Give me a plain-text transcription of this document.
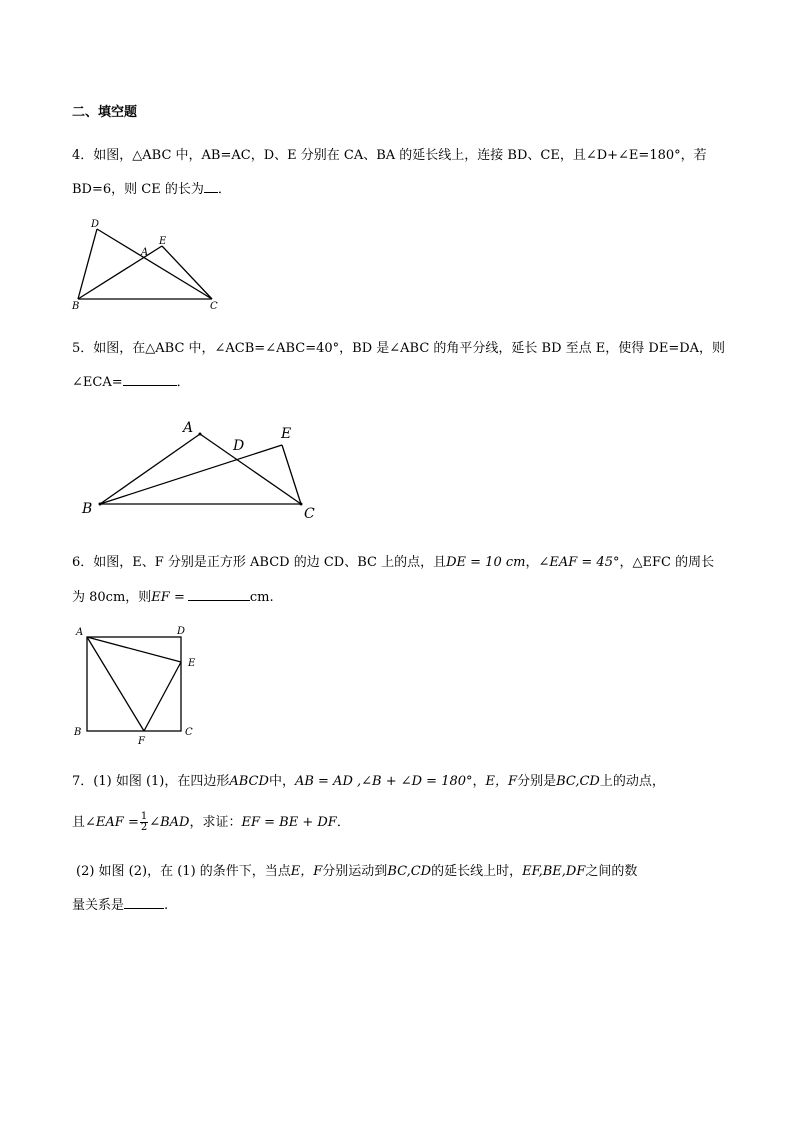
二、填空题
4．如图，△ABC 中，AB=AC，D、E 分别在 CA、BA 的延长线上，连接 BD、CE，且∠D+∠E=180°，若
BD=6，则 CE 的长为 ．
D
A
E
B	C
5．如图，在△ABC 中，∠ACB=∠ABC=40°，BD 是∠ABC 的角平分线，延长 BD 至点 E，使得 DE=DA，则
∠ECA=	．
A
D
E
B	C
6．如图，E、F 分别是正方形 ABCD 的边 CD、BC 上的点，且DE = 10 cm，∠EAF = 45°，△EFC 的周长
为 80cm，则EF =	cm.
A	D
E
B
F
C
7．(1) 如图 (1)，在四边形ABCD中，AB = AD ,∠B + ∠D = 180°，E，F分别是BC,CD上的动点，
且∠EAF = $\frac{1}{2}$ ∠BAD，求证：EF = BE + DF．
(2) 如图 (2)，在 (1) 的条件下，当点E，F分别运动到BC,CD的延长线上时，EF,BE,DF之间的数
量关系是	.
